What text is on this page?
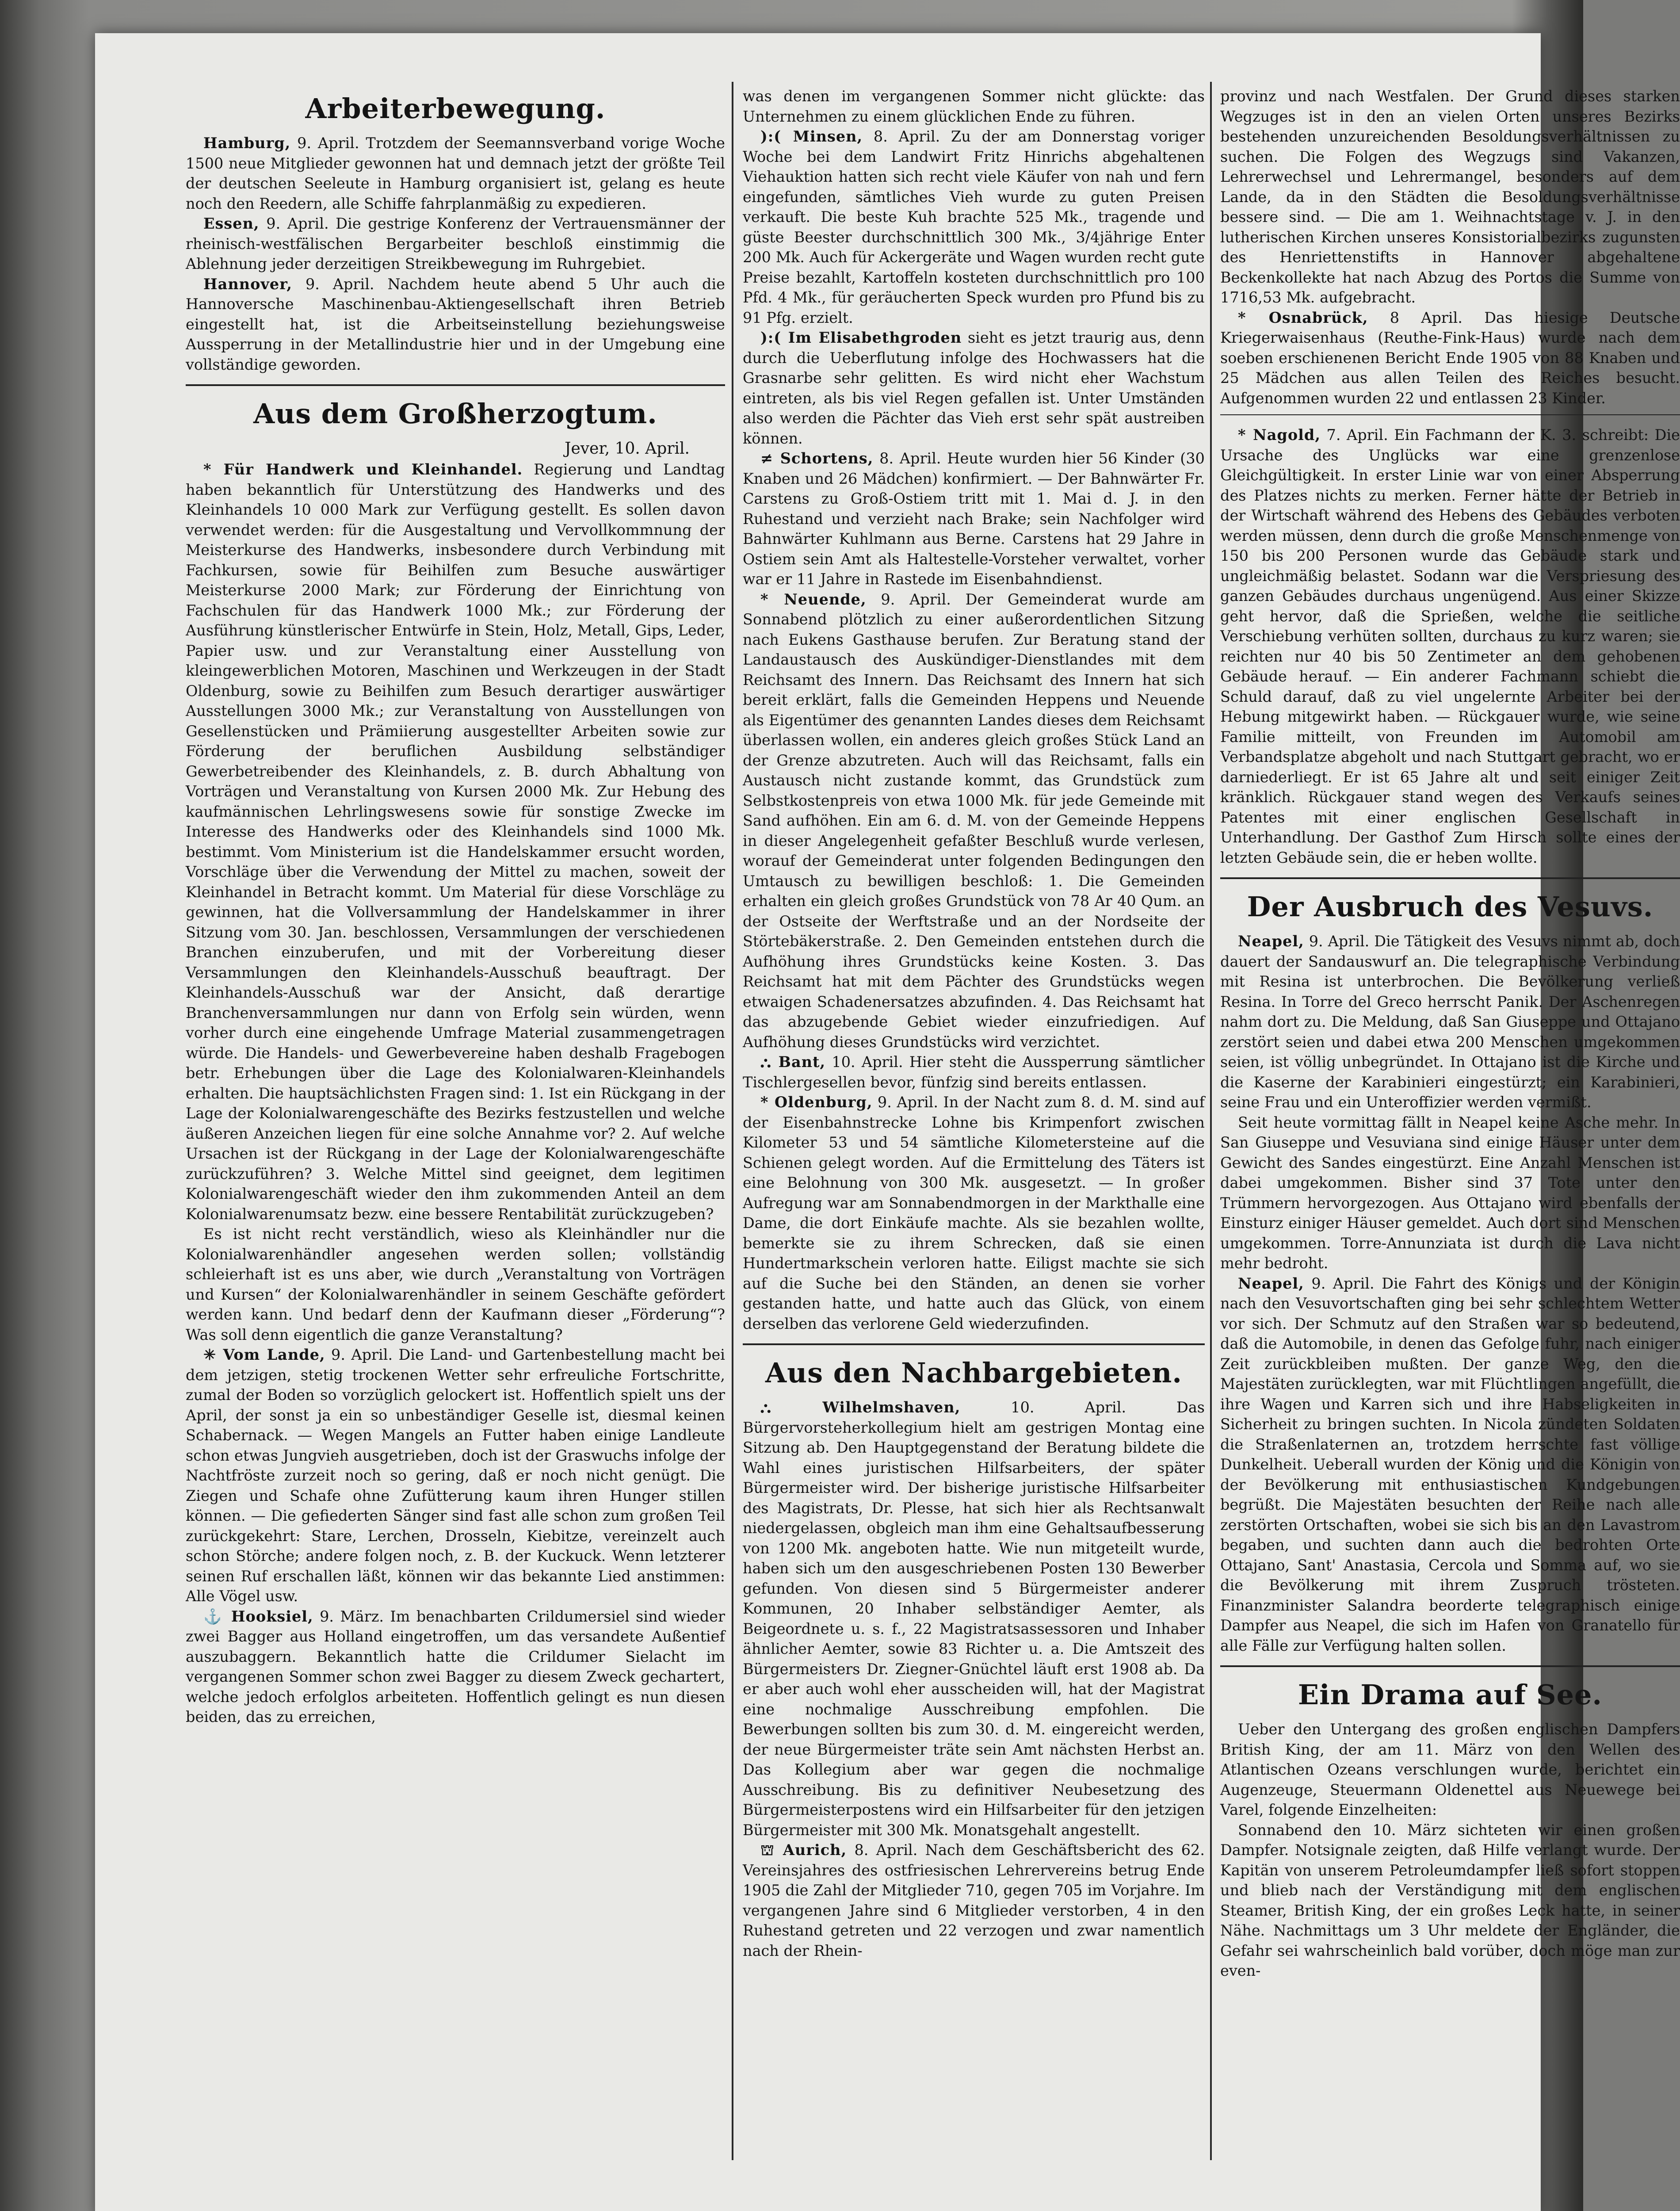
Arbeiterbewegung.

Hamburg, 9. April. Trotzdem der Seemannsverband vorige Woche 1500 neue Mitglieder gewonnen hat und demnach jetzt der größte Teil der deutschen Seeleute in Hamburg organisiert ist, gelang es heute noch den Reedern, alle Schiffe fahrplanmäßig zu expedieren.

Essen, 9. April. Die gestrige Konferenz der Vertrauensmänner der rheinisch-westfälischen Bergarbeiter beschloß einstimmig die Ablehnung jeder derzeitigen Streikbewegung im Ruhrgebiet.

Hannover, 9. April. Nachdem heute abend 5 Uhr auch die Hannoversche Maschinenbau-Aktiengesellschaft ihren Betrieb eingestellt hat, ist die Arbeitseinstellung beziehungsweise Aussperrung in der Metallindustrie hier und in der Umgebung eine vollständige geworden.

Aus dem Großherzogtum.
Jever, 10. April.

* Für Handwerk und Kleinhandel. Regierung und Landtag haben bekanntlich für Unterstützung des Handwerks und des Kleinhandels 10 000 Mark zur Verfügung gestellt. Es sollen davon verwendet werden: für die Ausgestaltung und Vervollkommnung der Meisterkurse des Handwerks, insbesondere durch Verbindung mit Fachkursen, sowie für Beihilfen zum Besuche auswärtiger Meisterkurse 2000 Mark; zur Förderung der Einrichtung von Fachschulen für das Handwerk 1000 Mk.; zur Förderung der Ausführung künstlerischer Entwürfe in Stein, Holz, Metall, Gips, Leder, Papier usw. und zur Veranstaltung einer Ausstellung von kleingewerblichen Motoren, Maschinen und Werkzeugen in der Stadt Oldenburg, sowie zu Beihilfen zum Besuch derartiger auswärtiger Ausstellungen 3000 Mk.; zur Veranstaltung von Ausstellungen von Gesellenstücken und Prämiierung ausgestellter Arbeiten sowie zur Förderung der beruflichen Ausbildung selbständiger Gewerbetreibender des Kleinhandels, z. B. durch Abhaltung von Vorträgen und Veranstaltung von Kursen 2000 Mk. Zur Hebung des kaufmännischen Lehrlingswesens sowie für sonstige Zwecke im Interesse des Handwerks oder des Kleinhandels sind 1000 Mk. bestimmt. Vom Ministerium ist die Handelskammer ersucht worden, Vorschläge über die Verwendung der Mittel zu machen, soweit der Kleinhandel in Betracht kommt. Um Material für diese Vorschläge zu gewinnen, hat die Vollversammlung der Handelskammer in ihrer Sitzung vom 30. Jan. beschlossen, Versammlungen der verschiedenen Branchen einzuberufen, und mit der Vorbereitung dieser Versammlungen den Kleinhandels-Ausschuß beauftragt. Der Kleinhandels-Ausschuß war der Ansicht, daß derartige Branchenversammlungen nur dann von Erfolg sein würden, wenn vorher durch eine eingehende Umfrage Material zusammengetragen würde. Die Handels- und Gewerbevereine haben deshalb Fragebogen betr. Erhebungen über die Lage des Kolonialwaren-Kleinhandels erhalten. Die hauptsächlichsten Fragen sind: 1. Ist ein Rückgang in der Lage der Kolonialwarengeschäfte des Bezirks festzustellen und welche äußeren Anzeichen liegen für eine solche Annahme vor? 2. Auf welche Ursachen ist der Rückgang in der Lage der Kolonialwarengeschäfte zurückzuführen? 3. Welche Mittel sind geeignet, dem legitimen Kolonialwarengeschäft wieder den ihm zukommenden Anteil an dem Kolonialwarenumsatz bezw. eine bessere Rentabilität zurückzugeben?

Es ist nicht recht verständlich, wieso als Kleinhändler nur die Kolonialwarenhändler angesehen werden sollen; vollständig schleierhaft ist es uns aber, wie durch „Veranstaltung von Vorträgen und Kursen“ der Kolonialwarenhändler in seinem Geschäfte gefördert werden kann. Und bedarf denn der Kaufmann dieser „Förderung“? Was soll denn eigentlich die ganze Veranstaltung?

✳ Vom Lande, 9. April. Die Land- und Gartenbestellung macht bei dem jetzigen, stetig trockenen Wetter sehr erfreuliche Fortschritte, zumal der Boden so vorzüglich gelockert ist. Hoffentlich spielt uns der April, der sonst ja ein so unbeständiger Geselle ist, diesmal keinen Schabernack. — Wegen Mangels an Futter haben einige Landleute schon etwas Jungvieh ausgetrieben, doch ist der Graswuchs infolge der Nachtfröste zurzeit noch so gering, daß er noch nicht genügt. Die Ziegen und Schafe ohne Zufütterung kaum ihren Hunger stillen können. — Die gefiederten Sänger sind fast alle schon zum großen Teil zurückgekehrt: Stare, Lerchen, Drosseln, Kiebitze, vereinzelt auch schon Störche; andere folgen noch, z. B. der Kuckuck. Wenn letzterer seinen Ruf erschallen läßt, können wir das bekannte Lied anstimmen: Alle Vögel usw.

⚓ Hooksiel, 9. März. Im benachbarten Crildumersiel sind wieder zwei Bagger aus Holland eingetroffen, um das versandete Außentief auszubaggern. Bekanntlich hatte die Crildumer Sielacht im vergangenen Sommer schon zwei Bagger zu diesem Zweck gechartert, welche jedoch erfolglos arbeiteten. Hoffentlich gelingt es nun diesen beiden, das zu erreichen,

was denen im vergangenen Sommer nicht glückte: das Unternehmen zu einem glücklichen Ende zu führen.

):( Minsen, 8. April. Zu der am Donnerstag voriger Woche bei dem Landwirt Fritz Hinrichs abgehaltenen Viehauktion hatten sich recht viele Käufer von nah und fern eingefunden, sämtliches Vieh wurde zu guten Preisen verkauft. Die beste Kuh brachte 525 Mk., tragende und güste Beester durchschnittlich 300 Mk., 3/4jährige Enter 200 Mk. Auch für Ackergeräte und Wagen wurden recht gute Preise bezahlt, Kartoffeln kosteten durchschnittlich pro 100 Pfd. 4 Mk., für geräucherten Speck wurden pro Pfund bis zu 91 Pfg. erzielt.

):( Im Elisabethgroden sieht es jetzt traurig aus, denn durch die Ueberflutung infolge des Hochwassers hat die Grasnarbe sehr gelitten. Es wird nicht eher Wachstum eintreten, als bis viel Regen gefallen ist. Unter Umständen also werden die Pächter das Vieh erst sehr spät austreiben können.

≠ Schortens, 8. April. Heute wurden hier 56 Kinder (30 Knaben und 26 Mädchen) konfirmiert. — Der Bahnwärter Fr. Carstens zu Groß-Ostiem tritt mit 1. Mai d. J. in den Ruhestand und verzieht nach Brake; sein Nachfolger wird Bahnwärter Kuhlmann aus Berne. Carstens hat 29 Jahre in Ostiem sein Amt als Haltestelle-Vorsteher verwaltet, vorher war er 11 Jahre in Rastede im Eisenbahndienst.

* Neuende, 9. April. Der Gemeinderat wurde am Sonnabend plötzlich zu einer außerordentlichen Sitzung nach Eukens Gasthause berufen. Zur Beratung stand der Landaustausch des Auskündiger-Dienstlandes mit dem Reichsamt des Innern. Das Reichsamt des Innern hat sich bereit erklärt, falls die Gemeinden Heppens und Neuende als Eigentümer des genannten Landes dieses dem Reichsamt überlassen wollen, ein anderes gleich großes Stück Land an der Grenze abzutreten. Auch will das Reichsamt, falls ein Austausch nicht zustande kommt, das Grundstück zum Selbstkostenpreis von etwa 1000 Mk. für jede Gemeinde mit Sand aufhöhen. Ein am 6. d. M. von der Gemeinde Heppens in dieser Angelegenheit gefaßter Beschluß wurde verlesen, worauf der Gemeinderat unter folgenden Bedingungen den Umtausch zu bewilligen beschloß: 1. Die Gemeinden erhalten ein gleich großes Grundstück von 78 Ar 40 Qum. an der Ostseite der Werftstraße und an der Nordseite der Störtebäkerstraße. 2. Den Gemeinden entstehen durch die Aufhöhung ihres Grundstücks keine Kosten. 3. Das Reichsamt hat mit dem Pächter des Grundstücks wegen etwaigen Schadenersatzes abzufinden. 4. Das Reichsamt hat das abzugebende Gebiet wieder einzufriedigen. Auf Aufhöhung dieses Grundstücks wird verzichtet.

⛬ Bant, 10. April. Hier steht die Aussperrung sämtlicher Tischlergesellen bevor, fünfzig sind bereits entlassen.

* Oldenburg, 9. April. In der Nacht zum 8. d. M. sind auf der Eisenbahnstrecke Lohne bis Krimpenfort zwischen Kilometer 53 und 54 sämtliche Kilometersteine auf die Schienen gelegt worden. Auf die Ermittelung des Täters ist eine Belohnung von 300 Mk. ausgesetzt. — In großer Aufregung war am Sonnabendmorgen in der Markthalle eine Dame, die dort Einkäufe machte. Als sie bezahlen wollte, bemerkte sie zu ihrem Schrecken, daß sie einen Hundertmarkschein verloren hatte. Eiligst machte sie sich auf die Suche bei den Ständen, an denen sie vorher gestanden hatte, und hatte auch das Glück, von einem derselben das verlorene Geld wiederzufinden.

Aus den Nachbargebieten.

⛬ Wilhelmshaven,	10. April. Das Bürgervorsteherkollegium hielt am gestrigen Montag eine Sitzung ab. Den Hauptgegenstand der Beratung bildete die Wahl eines juristischen Hilfsarbeiters, der später Bürgermeister wird. Der bisherige juristische Hilfsarbeiter des Magistrats, Dr. Plesse, hat sich hier als Rechtsanwalt niedergelassen, obgleich man ihm eine Gehaltsaufbesserung von 1200 Mk. angeboten hatte. Wie nun mitgeteilt wurde, haben sich um den ausgeschriebenen Posten 130 Bewerber gefunden. Von diesen sind 5 Bürgermeister anderer Kommunen, 20 Inhaber selbständiger Aemter, als Beigeordnete u. s. f., 22 Magistratsassessoren und Inhaber ähnlicher Aemter, sowie 83 Richter u. a. Die Amtszeit des Bürgermeisters Dr. Ziegner-Gnüchtel läuft erst 1908 ab. Da er aber auch wohl eher ausscheiden will, hat der Magistrat eine nochmalige Ausschreibung empfohlen. Die Bewerbungen sollten bis zum 30. d. M. eingereicht werden, der neue Bürgermeister träte sein Amt nächsten Herbst an. Das Kollegium aber war gegen die nochmalige Ausschreibung. Bis zu definitiver Neubesetzung des Bürgermeisterpostens wird ein Hilfsarbeiter für den jetzigen Bürgermeister mit 300 Mk. Monatsgehalt angestellt.

⛫ Aurich, 8. April. Nach dem Geschäftsbericht des 62. Vereinsjahres des ostfriesischen Lehrervereins betrug Ende 1905 die Zahl der Mitglieder 710, gegen 705 im Vorjahre. Im vergangenen Jahre sind 6 Mitglieder verstorben, 4 in den Ruhestand getreten und 22 verzogen und zwar namentlich nach der Rhein-

provinz und nach Westfalen. Der Grund dieses starken Wegzuges ist in den an vielen Orten unseres Bezirks bestehenden unzureichenden Besoldungsverhältnissen zu suchen. Die Folgen des Wegzugs sind Vakanzen, Lehrerwechsel und Lehrermangel, besonders auf dem Lande, da in den Städten die Besoldungsverhältnisse bessere sind. — Die am 1. Weihnachtstage v. J. in den lutherischen Kirchen unseres Konsistorialbezirks zugunsten des Henriettenstifts in Hannover abgehaltene Beckenkollekte hat nach Abzug des Portos die Summe von 1716,53 Mk. aufgebracht.

* Osnabrück, 8 April. Das hiesige Deutsche Kriegerwaisenhaus (Reuthe-Fink-Haus) wurde nach dem soeben erschienenen Bericht Ende 1905 von 88 Knaben und 25 Mädchen aus allen Teilen des Reiches besucht. Aufgenommen wurden 22 und entlassen 23 Kinder.

* Nagold, 7. April. Ein Fachmann der K. 3. schreibt: Die Ursache des Unglücks war eine grenzenlose Gleichgültigkeit. In erster Linie war von einer Absperrung des Platzes nichts zu merken. Ferner hätte der Betrieb in der Wirtschaft während des Hebens des Gebäudes verboten werden müssen, denn durch die große Menschenmenge von 150 bis 200 Personen wurde das Gebäude stark und ungleichmäßig belastet. Sodann war die Verspriesung des ganzen Gebäudes durchaus ungenügend. Aus einer Skizze geht hervor, daß die Sprießen, welche die seitliche Verschiebung verhüten sollten, durchaus zu kurz waren; sie reichten nur 40 bis 50 Zentimeter an dem gehobenen Gebäude herauf. — Ein anderer Fachmann schiebt die Schuld darauf, daß zu viel ungelernte Arbeiter bei der Hebung mitgewirkt haben. — Rückgauer wurde, wie seine Familie mitteilt, von Freunden im Automobil am Verbandsplatze abgeholt und nach Stuttgart gebracht, wo er darniederliegt. Er ist 65 Jahre alt und seit einiger Zeit kränklich. Rückgauer stand wegen des Verkaufs seines Patentes mit einer englischen Gesellschaft in Unterhandlung. Der Gasthof Zum Hirsch sollte eines der letzten Gebäude sein, die er heben wollte.

Der Ausbruch des Vesuvs.

Neapel, 9. April. Die Tätigkeit des Vesuvs nimmt ab, doch dauert der Sandauswurf an. Die telegraphische Verbindung mit Resina ist unterbrochen. Die Bevölkerung verließ Resina. In Torre del Greco herrscht Panik. Der Aschenregen nahm dort zu. Die Meldung, daß San Giuseppe und Ottajano zerstört seien und dabei etwa 200 Menschen umgekommen seien, ist völlig unbegründet. In Ottajano ist die Kirche und die Kaserne der Karabinieri eingestürzt; ein Karabinieri, seine Frau und ein Unteroffizier werden vermißt.

Seit heute vormittag fällt in Neapel keine Asche mehr. In San Giuseppe und Vesuviana sind einige Häuser unter dem Gewicht des Sandes eingestürzt. Eine Anzahl Menschen ist dabei umgekommen. Bisher sind 37 Tote unter den Trümmern hervorgezogen. Aus Ottajano wird ebenfalls der Einsturz einiger Häuser gemeldet. Auch dort sind Menschen umgekommen. Torre-Annunziata ist durch die Lava nicht mehr bedroht.

Neapel, 9. April. Die Fahrt des Königs und der Königin nach den Vesuvortschaften ging bei sehr schlechtem Wetter vor sich. Der Schmutz auf den Straßen war so bedeutend, daß die Automobile, in denen das Gefolge fuhr, nach einiger Zeit zurückbleiben mußten. Der ganze Weg, den die Majestäten zurücklegten, war mit Flüchtlingen angefüllt, die ihre Wagen und Karren sich und ihre Habseligkeiten in Sicherheit zu bringen suchten. In Nicola zündeten Soldaten die Straßenlaternen an, trotzdem herrschte fast völlige Dunkelheit. Ueberall wurden der König und die Königin von der Bevölkerung mit enthusiastischen Kundgebungen begrüßt. Die Majestäten besuchten der Reihe nach alle zerstörten Ortschaften, wobei sie sich bis an den Lavastrom begaben, und suchten dann auch die bedrohten Orte Ottajano, Sant' Anastasia, Cercola und Somma auf, wo sie die Bevölkerung mit ihrem Zuspruch trösteten. Finanzminister Salandra beorderte telegraphisch einige Dampfer aus Neapel, die sich im Hafen von Granatello für alle Fälle zur Verfügung halten sollen.

Ein Drama auf See.

Ueber den Untergang des großen englischen Dampfers British King, der am 11. März von den Wellen des Atlantischen Ozeans verschlungen wurde, berichtet ein Augenzeuge, Steuermann Oldenettel aus Neuewege bei Varel, folgende Einzelheiten:

Sonnabend den 10. März sichteten wir einen großen Dampfer. Notsignale zeigten, daß Hilfe verlangt wurde. Der Kapitän von unserem Petroleumdampfer ließ sofort stoppen und blieb nach der Verständigung mit dem englischen Steamer, British King, der ein großes Leck hatte, in seiner Nähe. Nachmittags um 3 Uhr meldete der Engländer, die Gefahr sei wahrscheinlich bald vorüber, doch möge man zur even-
